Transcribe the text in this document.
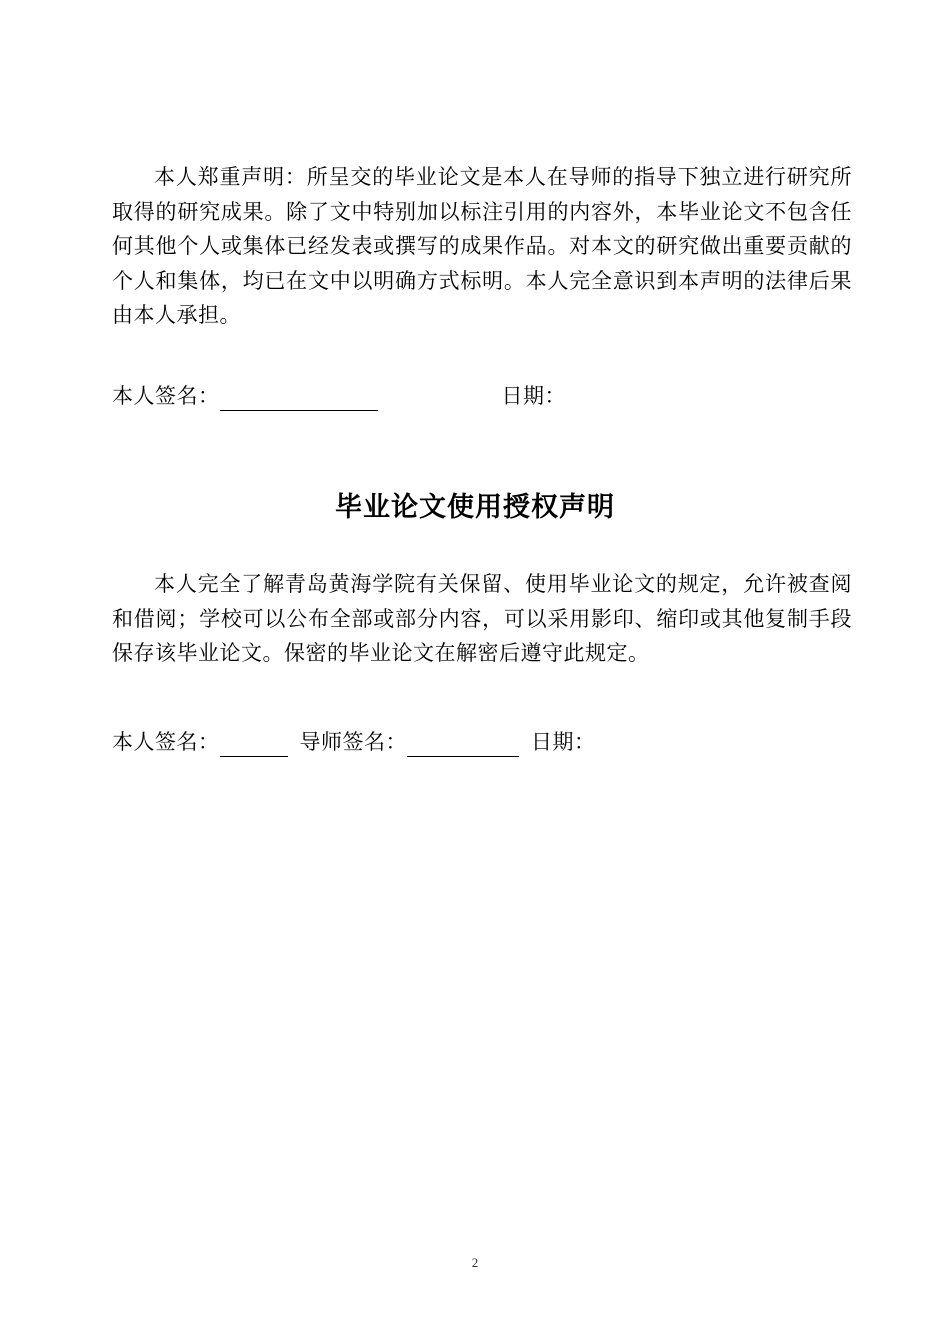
本人郑重声明：所呈交的毕业论文是本人在导师的指导下独立进行研究所取得的研究成果。除了文中特别加以标注引用的内容外，本毕业论文不包含任何其他个人或集体已经发表或撰写的成果作品。对本文的研究做出重要贡献的个人和集体，均已在文中以明确方式标明。本人完全意识到本声明的法律后果由本人承担。

本人签名：	日期：
毕业论文使用授权声明

本人完全了解青岛黄海学院有关保留、使用毕业论文的规定，允许被查阅和借阅；学校可以公布全部或部分内容，可以采用影印、缩印或其他复制手段保存该毕业论文。保密的毕业论文在解密后遵守此规定。

本人签名：	导师签名：	日期：
2
